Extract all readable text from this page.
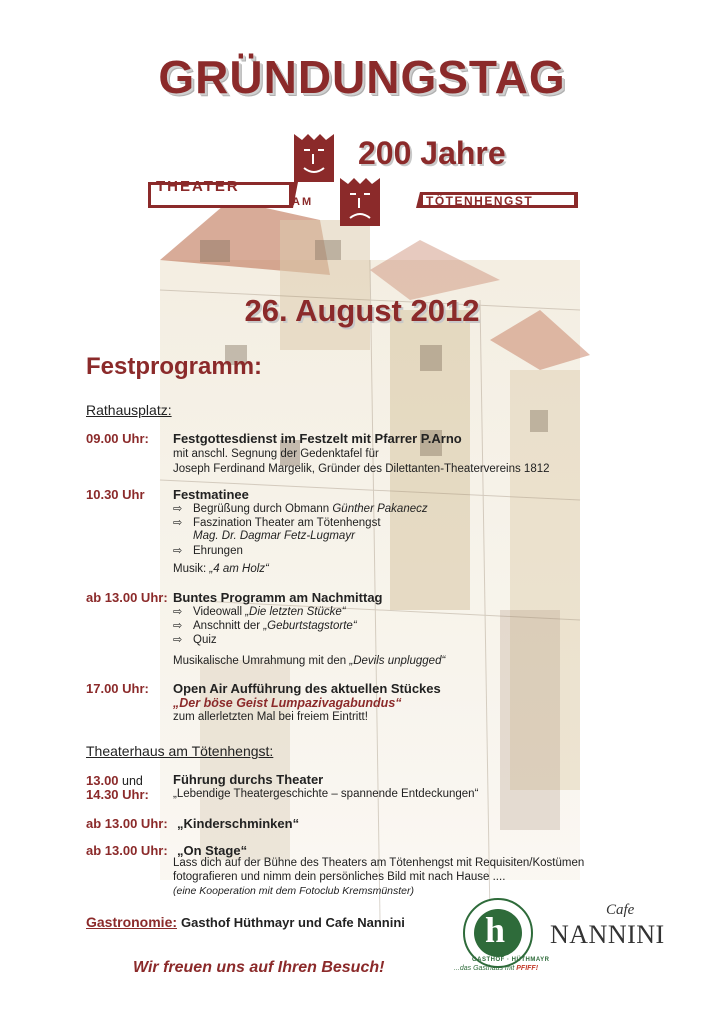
GRÜNDUNGSTAG
THEATER
TÖTENHENGST
AM
200 Jahre
26. August 2012
Festprogramm:
Rathausplatz:
09.00 Uhr: Festgottesdienst im Festzelt mit Pfarrer P.Arno
mit anschl. Segnung der Gedenktafel für
Joseph Ferdinand Margelik, Gründer des Dilettanten-Theatervereins 1812
10.30 Uhr Festmatinee
⇨ Begrüßung durch Obmann Günther Pakanecz
⇨ Faszination Theater am Tötenhengst
Mag. Dr. Dagmar Fetz-Lugmayr
⇨ Ehrungen
Musik: „4 am Holz“
ab 13.00 Uhr: Buntes Programm am Nachmittag
⇨ Videowall „Die letzten Stücke“
⇨ Anschnitt der „Geburtstagstorte“
⇨ Quiz
Musikalische Umrahmung mit den „Devils unplugged“
17.00 Uhr: Open Air Aufführung des aktuellen Stückes
„Der böse Geist Lumpazivagabundus“
zum allerletzten Mal bei freiem Eintritt!
Theaterhaus am Tötenhengst:
13.00 und
14.30 Uhr:
Führung durchs Theater
„Lebendige Theatergeschichte – spannende Entdeckungen“
ab 13.00 Uhr: „Kinderschminken“
ab 13.00 Uhr: „On Stage“
Lass dich auf der Bühne des Theaters am Tötenhengst mit Requisiten/Kostümen
fotografieren und nimm dein persönliches Bild mit nach Hause ....
(eine Kooperation mit dem Fotoclub Kremsmünster)
Gastronomie: Gasthof Hüthmayr und Cafe Nannini
Wir freuen uns auf Ihren Besuch!
h
GASTHOF · HÜTHMAYR
...das Gasthaus mit PFIFF!
Cafe
NANNINI
